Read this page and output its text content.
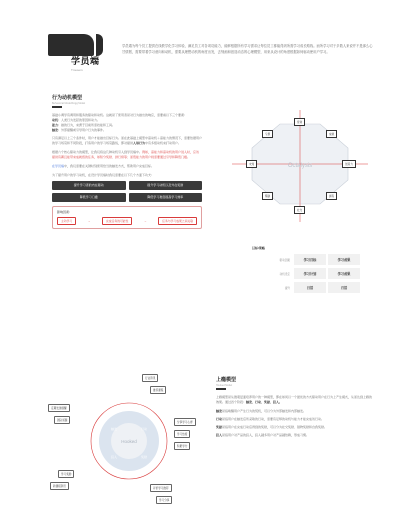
学员端
Trousers
学员端为每个员工提供在线教学化学习体验，满足员工对各项功能力，能够根据所有学习需求让每位员工都能得到所需学习成长路线。而所学习对于多数人来说并不是那么心甘情愿，需要带着学习意向和动机，需要从理想动机的角度出发，去刻画和创造动态的心理模型，用来从设计的角度根据如何驱动使用户学习。
行为动机模型
Behavioral Model/Fogg Model
基础小调学有调用和服务的驱动和动机。这就是了使用者是对行为做出的响应，需要看以下三个要素：
动机：人类行为发起的原因和动力。
能力：做的行为，来源于目前所需技能和工具。
触发：外部提醒或引导用户行为的事件。
只有满足以上三个条件时，用户才能做出目标行为。而在此基础上模型中高动机＋高能力的情况下，需要依据用户的学习场景和不同阶段，打造用户的学习场景路线，即对提供入每行为中有多组动机来打动用户。
根据六个核心驱动力的模型，让我们将这几种动机引入到学员端中。例如，高能力和高动机的用户进入时，应该提供有趣且能带来成就感的任务，如积分奖励、排行榜等；而低能力的用户则需要通过引导和降低门槛。
在学员端中，我们需要在关键时刻使用恰当的触发方式，帮助用户完成目标。
为了提升用户的学习动机，在设计学员端时我们需要在以下几个方面下功夫：
提升学习者的内在驱动	提升学习动机以及外在奖励
降低学习门槛	降低学习难度提高学习效率
影响因素：
主动学习	→	完成任务的可能性	→	任务与学习成果之间关联
Octalysis
使命
成就
创造力
拥有
社交
稀缺
未知
亏损
目标/策略
驱动因素	学习目标	学习成果
动机设定	学习计划	学习成果
提升	日活	月活
Hooked
触发	行动
奖励
投入
行业资讯
推荐课程
定期发送提醒
团队氛围
分享学习心得
学习热度
积累学分
学习奖励
新课程资讯
评价学习推荐
学习分享
上瘾模型
Hooked Model
上瘾模型是从微观层面培养用户的一种模型，即在如何以一个最优的方式驱动用户在行为上产生模式，从而达到上瘾的效果。通过四个阶段：触发、行动、奖励、投入。
触发是指唤醒用户产生行为的契机，可以分为外部触发和内部触发。
行动是指用户在触发后所采取的行动，需要有足够的动机与能力才能完成该行动。
奖励是指用户在完成行动后得到的奖励，可以分为社交奖励、猎物奖励和自我奖励。
投入是指用户对产品的投入，投入越多用户对产品越依赖，形成习惯。
